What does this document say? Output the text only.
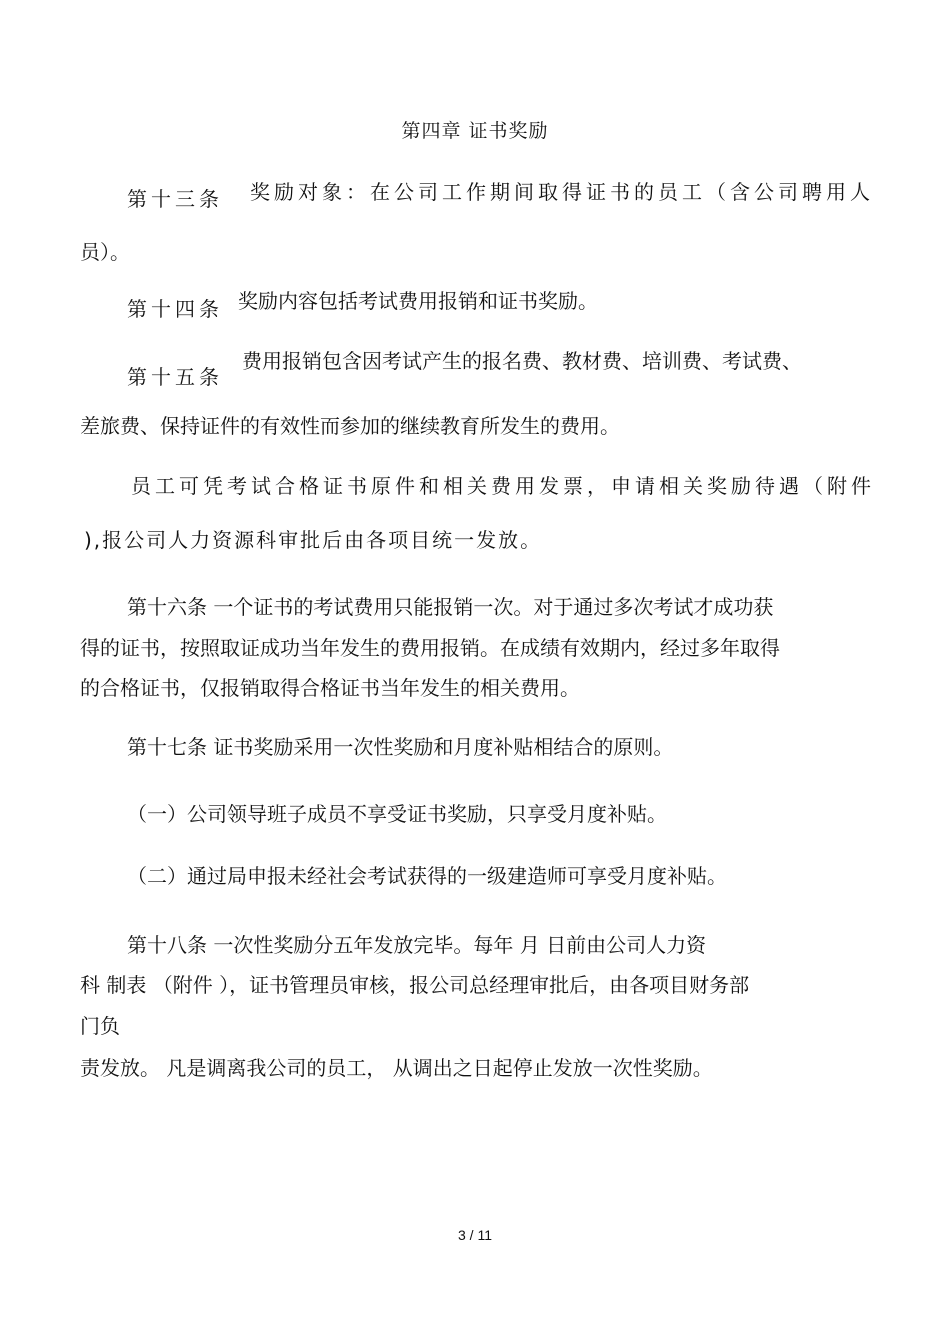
第四章 证书奖励
第十三条 奖励对象：在公司工作期间取得证书的员工（含公司聘用人
员）。
第十四条 奖励内容包括考试费用报销和证书奖励。
第十五条
费用报销包含因考试产生的报名费、教材费、培训费、考试费、
差旅费、保持证件的有效性而参加的继续教育所发生的费用。
员工可凭考试合格证书原件和相关费用发票，申请相关奖励待遇（附件
),报公司人力资源科审批后由各项目统一发放。
第十六条 一个证书的考试费用只能报销一次。对于通过多次考试才成功获
得的证书，按照取证成功当年发生的费用报销。在成绩有效期内，经过多年取得
的合格证书，仅报销取得合格证书当年发生的相关费用。
第十七条 证书奖励采用一次性奖励和月度补贴相结合的原则。
（一）公司领导班子成员不享受证书奖励，只享受月度补贴。
（二）通过局申报未经社会考试获得的一级建造师可享受月度补贴。
第十八条 一次性奖励分五年发放完毕。每年 月 日前由公司人力资
科 制表 （附件 ），证书管理员审核，报公司总经理审批后，由各项目财务部
门负
责发放。 凡是调离我公司的员工， 从调出之日起停止发放一次性奖励。
3 / 11
